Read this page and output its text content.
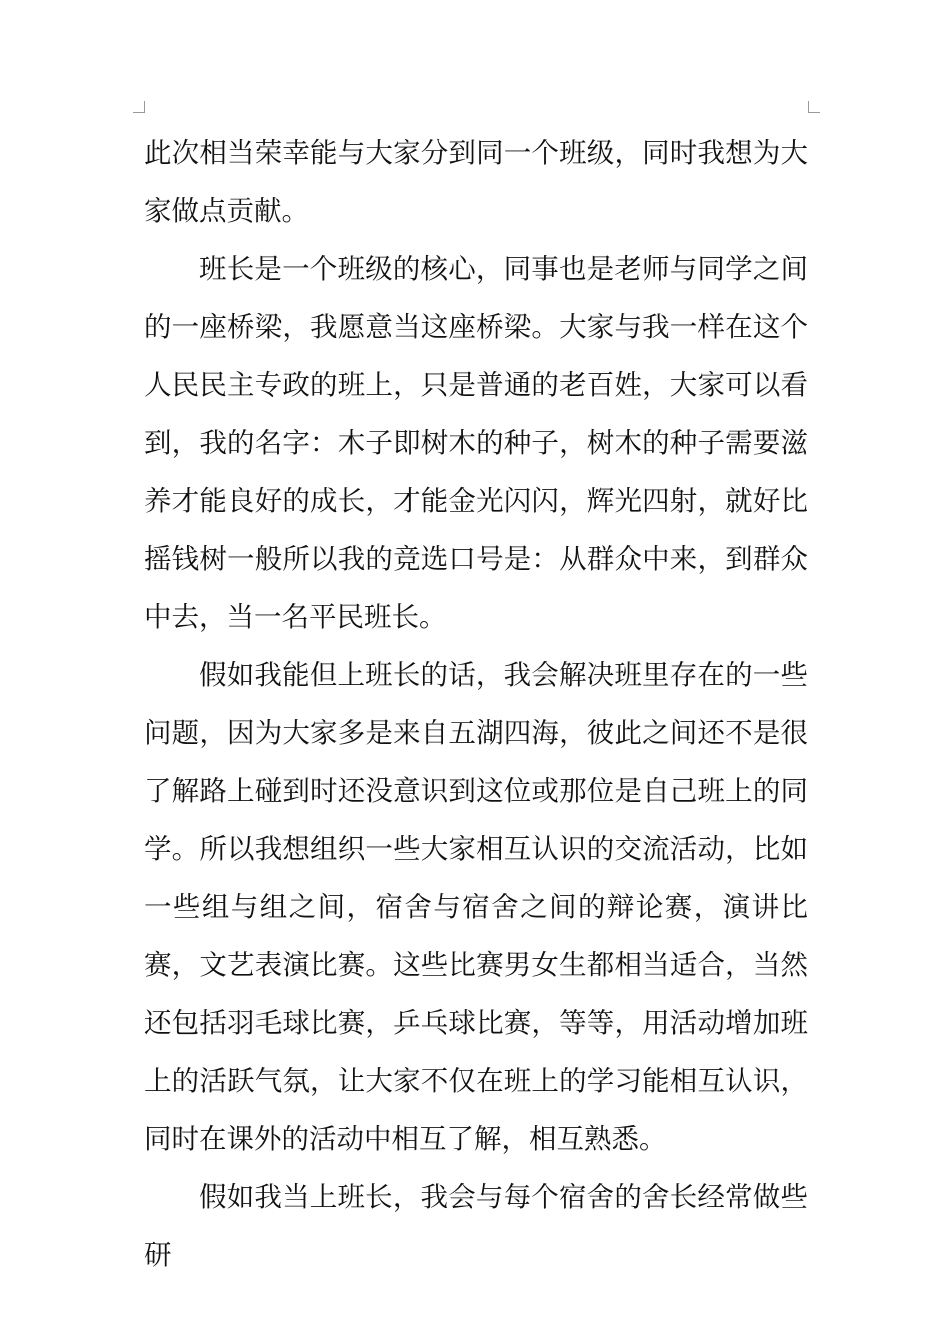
此次相当荣幸能与大家分到同一个班级，同时我想为大家做点贡献。

班长是一个班级的核心，同事也是老师与同学之间的一座桥梁，我愿意当这座桥梁。大家与我一样在这个人民民主专政的班上，只是普通的老百姓，大家可以看到，我的名字：木子即树木的种子，树木的种子需要滋养才能良好的成长，才能金光闪闪，辉光四射，就好比摇钱树一般所以我的竞选口号是：从群众中来，到群众中去，当一名平民班长。

假如我能但上班长的话，我会解决班里存在的一些问题，因为大家多是来自五湖四海，彼此之间还不是很了解路上碰到时还没意识到这位或那位是自己班上的同学。所以我想组织一些大家相互认识的交流活动，比如一些组与组之间，宿舍与宿舍之间的辩论赛，演讲比赛，文艺表演比赛。这些比赛男女生都相当适合，当然还包括羽毛球比赛，乒乓球比赛，等等，用活动增加班上的活跃气氛，让大家不仅在班上的学习能相互认识，同时在课外的活动中相互了解，相互熟悉。

假如我当上班长，我会与每个宿舍的舍长经常做些研
